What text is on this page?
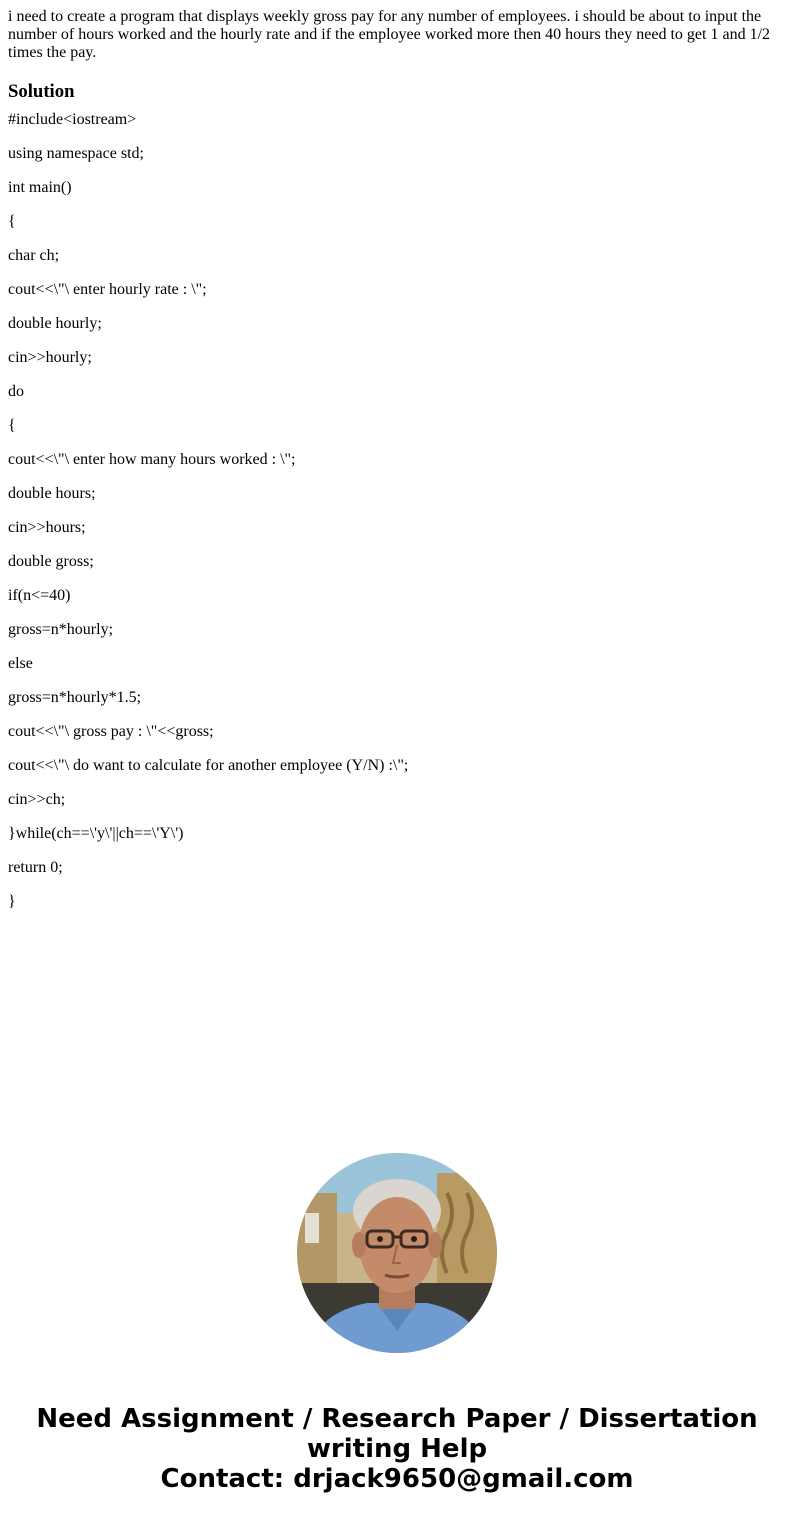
i need to create a program that displays weekly gross pay for any number of employees. i should be about to input the number of hours worked and the hourly rate and if the employee worked more then 40 hours they need to get 1 and 1/2 times the pay.

Solution

#include<iostream>

using namespace std;

int main()

{

char ch;

cout<<\"\ enter hourly rate : \";

double hourly;

cin>>hourly;

do

{

cout<<\"\ enter how many hours worked : \";

double hours;

cin>>hours;

double gross;

if(n<=40)

gross=n*hourly;

else

gross=n*hourly*1.5;

cout<<\"\ gross pay : \"<<gross;

cout<<\"\ do want to calculate for another employee (Y/N) :\";

cin>>ch;

}while(ch==\'y\'||ch==\'Y\')

return 0;

}

Need Assignment / Research Paper / Dissertation
writing Help
Contact: drjack9650@gmail.com
